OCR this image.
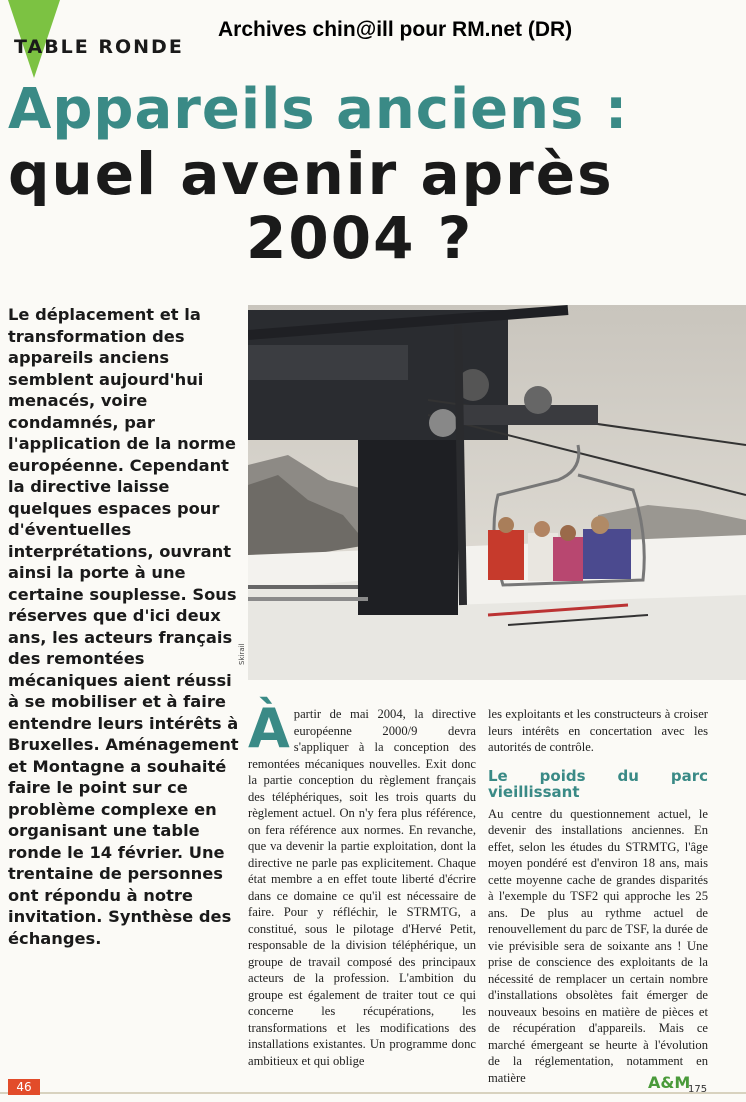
TABLE RONDE
Archives chin@ill pour RM.net (DR)
Appareils anciens :
quel avenir après
2004 ?
Le déplacement et la transformation des appareils anciens semblent aujourd'hui menacés, voire condamnés, par l'application de la norme européenne. Cependant la directive laisse quelques espaces pour d'éventuelles interprétations, ouvrant ainsi la porte à une certaine souplesse. Sous réserves que d'ici deux ans, les acteurs français des remontées mécaniques aient réussi à se mobiliser et à faire entendre leurs intérêts à Bruxelles. Aménagement et Montagne a souhaité faire le point sur ce problème complexe en organisant une table ronde le 14 février. Une trentaine de personnes ont répondu à notre invitation. Synthèse des échanges.
Skirail
À partir de mai 2004, la directive européenne 2000/9 devra s'appliquer à la conception des remontées mécaniques nouvelles. Exit donc la partie conception du règlement français des téléphériques, soit les trois quarts du règlement actuel. On n'y fera plus référence, on fera référence aux normes. En revanche, que va devenir la partie exploitation, dont la directive ne parle pas explicitement. Chaque état membre a en effet toute liberté d'écrire dans ce domaine ce qu'il est nécessaire de faire. Pour y réfléchir, le STRMTG, a constitué, sous le pilotage d'Hervé Petit, responsable de la division téléphérique, un groupe de travail composé des principaux acteurs de la profession. L'ambition du groupe est également de traiter tout ce qui concerne les récupérations, les transformations et les modifications des installations existantes. Un programme donc ambitieux et qui oblige
les exploitants et les constructeurs à croiser leurs intérêts en concertation avec les autorités de contrôle.
Le poids du parc vieillissant
Au centre du questionnement actuel, le devenir des installations anciennes. En effet, selon les études du STRMTG, l'âge moyen pondéré est d'environ 18 ans, mais cette moyenne cache de grandes disparités à l'exemple du TSF2 qui approche les 25 ans. De plus au rythme actuel de renouvellement du parc de TSF, la durée de vie prévisible sera de soixante ans ! Une prise de conscience des exploitants de la nécessité de remplacer un certain nombre d'installations obsolètes fait émerger de nouveaux besoins en matière de pièces et de récupération d'appareils. Mais ce marché émergeant se heurte à l'évolution de la réglementation, notamment en matière
46	A&M
175
